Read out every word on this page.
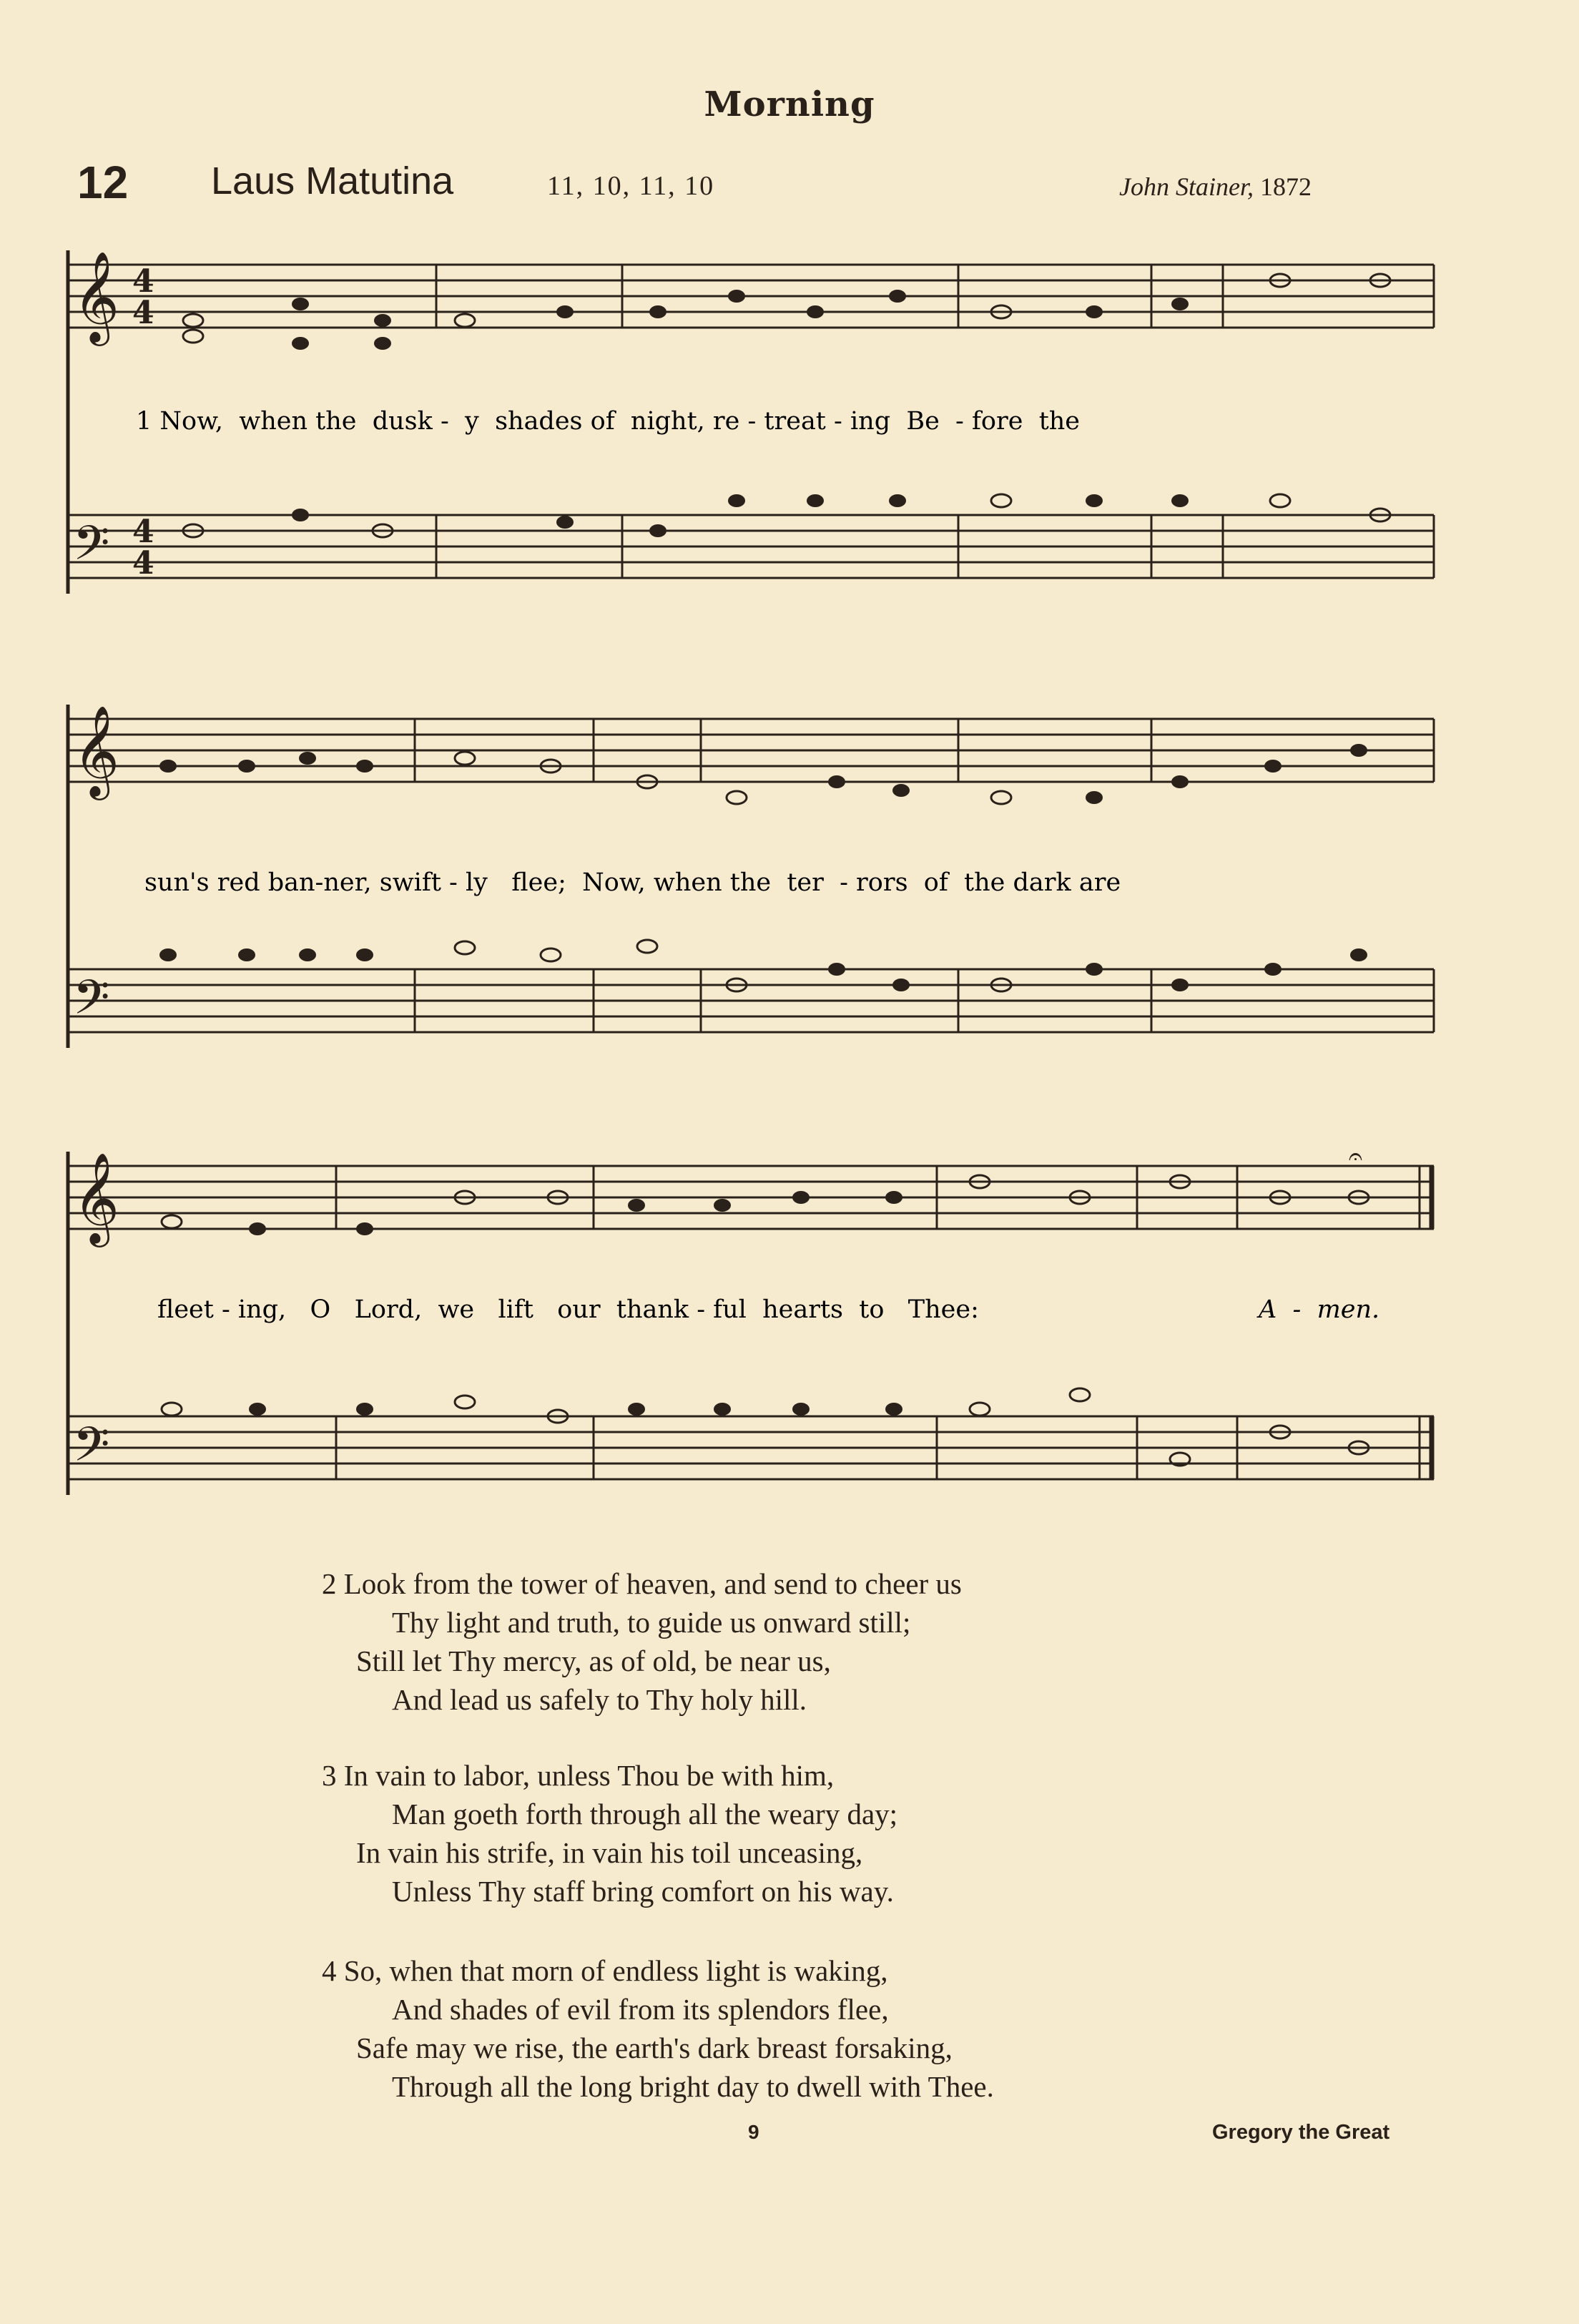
Morning
12 Laus Matutina	11, 10, 11, 10	John Stainer, 1872
𝄞
𝄢
4
4
4
4
1 Now,  when the  dusk -  y  shades of  night, re - treat - ing  Be  - fore  the
𝄞
𝄢
sun's red ban-ner, swift - ly   flee;  Now, when the  ter  - rors  of  the dark are
𝄞
𝄢
𝄐
fleet - ing,   O   Lord,  we   lift   our  thank - ful  hearts  to   Thee:	A  -  men.
2 Look from the tower of heaven, and send to cheer us
Thy light and truth, to guide us onward still;
Still let Thy mercy, as of old, be near us,
And lead us safely to Thy holy hill.
3 In vain to labor, unless Thou be with him,
Man goeth forth through all the weary day;
In vain his strife, in vain his toil unceasing,
Unless Thy staff bring comfort on his way.
4 So, when that morn of endless light is waking,
And shades of evil from its splendors flee,
Safe may we rise, the earth's dark breast forsaking,
Through all the long bright day to dwell with Thee.
9	Gregory the Great
